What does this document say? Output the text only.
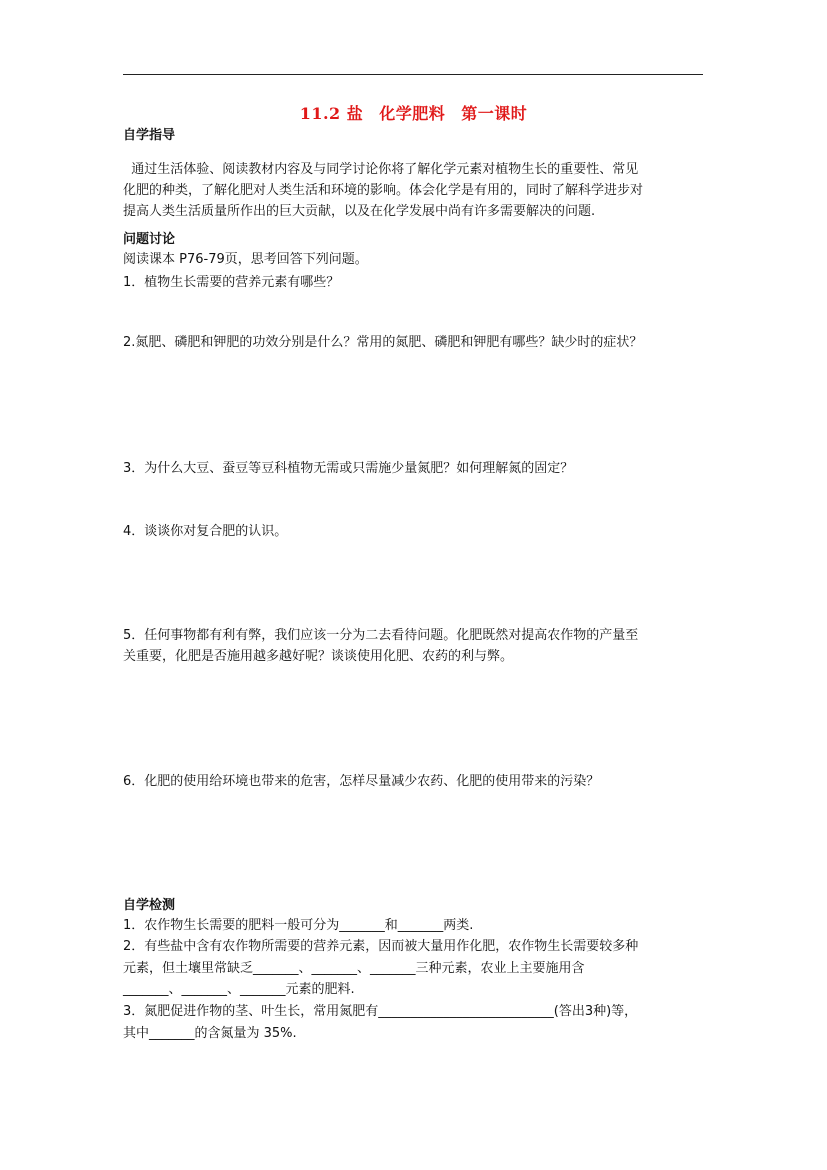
11.2 盐 化学肥料 第一课时
自学指导
通过生活体验、阅读教材内容及与同学讨论你将了解化学元素对植物生长的重要性、常见
化肥的种类，了解化肥对人类生活和环境的影响。体会化学是有用的，同时了解科学进步对
提高人类生活质量所作出的巨大贡献，以及在化学发展中尚有许多需要解决的问题.
问题讨论
阅读课本 P76-79页，思考回答下列问题。
1．植物生长需要的营养元素有哪些？
2.氮肥、磷肥和钾肥的功效分别是什么？常用的氮肥、磷肥和钾肥有哪些？缺少时的症状？
3．为什么大豆、蚕豆等豆科植物无需或只需施少量氮肥？如何理解氮的固定？
4．谈谈你对复合肥的认识。
5．任何事物都有利有弊，我们应该一分为二去看待问题。化肥既然对提高农作物的产量至
关重要，化肥是否施用越多越好呢？谈谈使用化肥、农药的利与弊。
6．化肥的使用给环境也带来的危害，怎样尽量减少农药、化肥的使用带来的污染？
自学检测
1．农作物生长需要的肥料一般可分为_______和_______两类.
2．有些盐中含有农作物所需要的营养元素，因而被大量用作化肥，农作物生长需要较多种
元素，但土壤里常缺乏_______、_______、_______三种元素，农业上主要施用含
_______、_______、_______元素的肥料.
3．氮肥促进作物的茎、叶生长，常用氮肥有___________________________(答出3种)等，
其中_______的含氮量为 35%.
